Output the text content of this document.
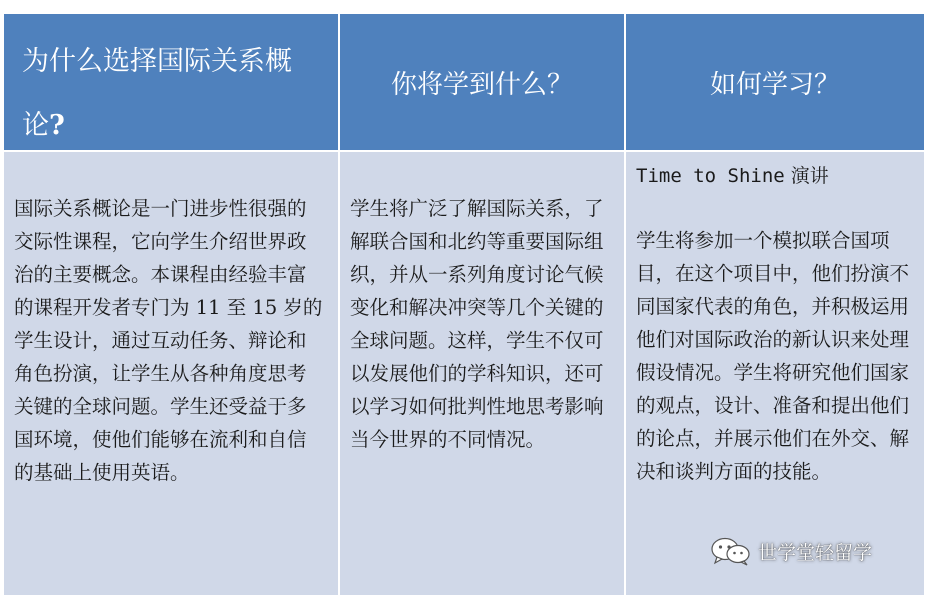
为什么选择国际关系概论?
你将学到什么？	如何学习？
国际关系概论是一门进步性很强的交际性课程，它向学生介绍世界政治的主要概念。本课程由经验丰富的课程开发者专门为 11 至 15 岁的学生设计，通过互动任务、辩论和角色扮演，让学生从各种角度思考关键的全球问题。学生还受益于多国环境，使他们能够在流利和自信的基础上使用英语。
学生将广泛了解国际关系，了解联合国和北约等重要国际组织，并从一系列角度讨论气候变化和解决冲突等几个关键的全球问题。这样，学生不仅可以发展他们的学科知识，还可以学习如何批判性地思考影响当今世界的不同情况。
Time to Shine 演讲
学生将参加一个模拟联合国项目，在这个项目中，他们扮演不同国家代表的角色，并积极运用他们对国际政治的新认识来处理假设情况。学生将研究他们国家的观点，设计、准备和提出他们的论点，并展示他们在外交、解决和谈判方面的技能。
世学堂轻留学
